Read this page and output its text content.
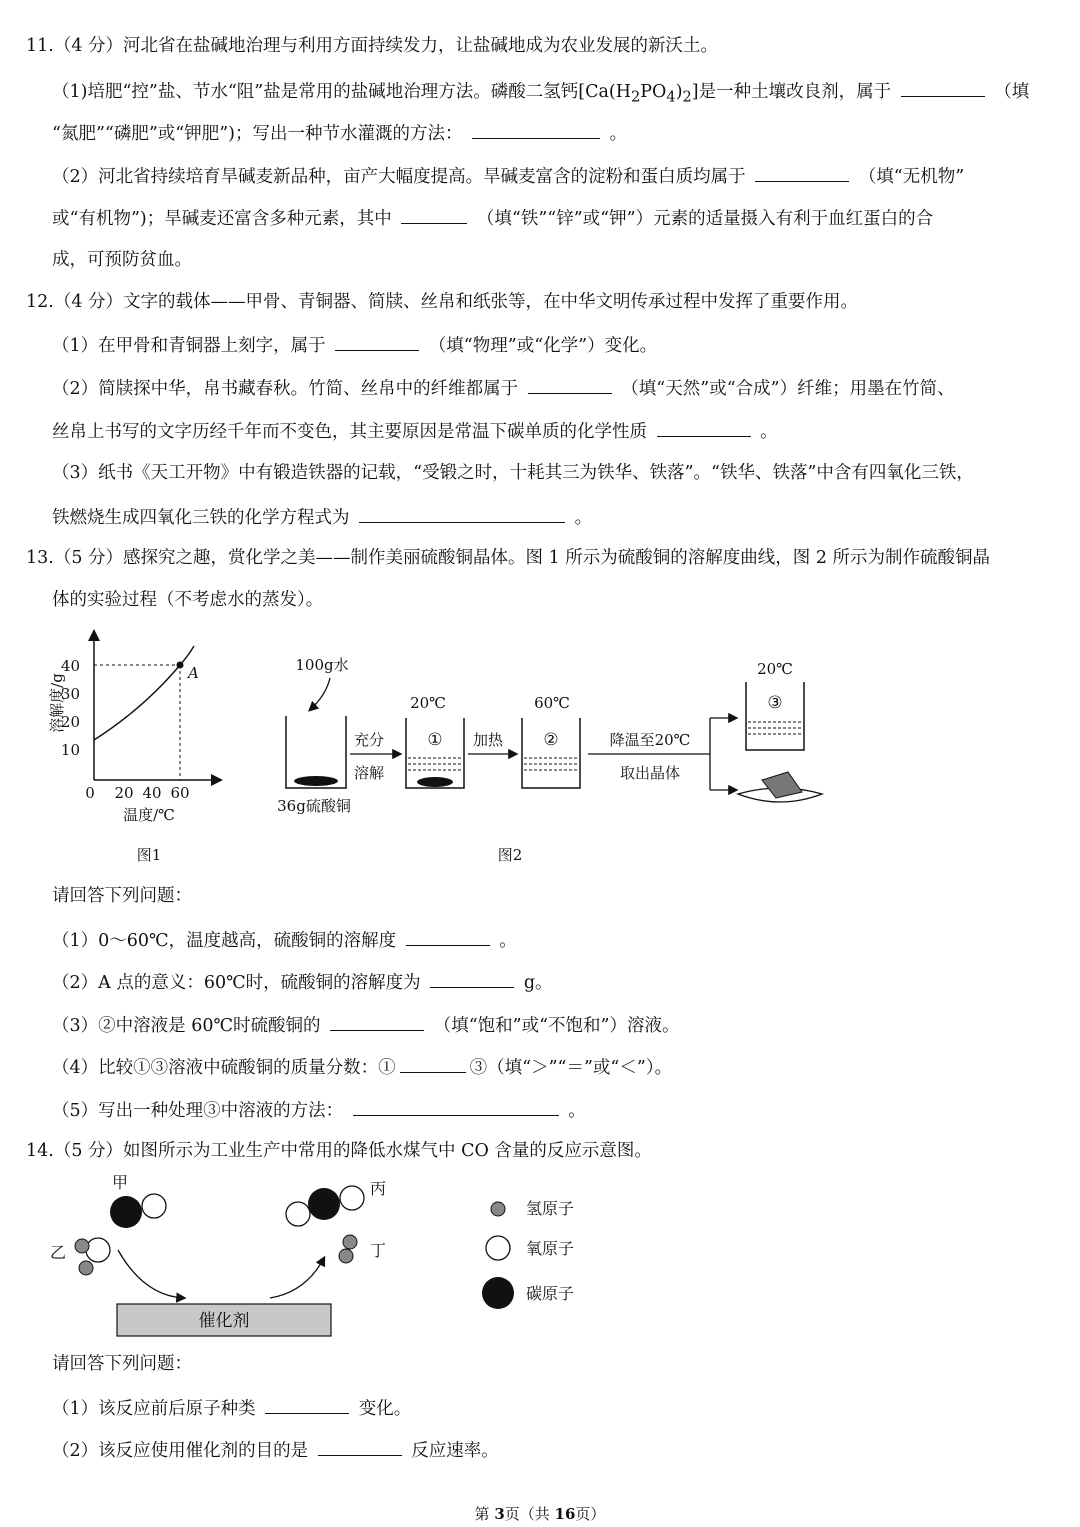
11.（4 分）河北省在盐碱地治理与利用方面持续发力，让盐碱地成为农业发展的新沃土。
（1)培肥“控”盐、节水“阻”盐是常用的盐碱地治理方法。磷酸二氢钙$[Ca(H_2PO_4)_2]$是一种土壤改良剂，属于	（填
“氮肥”“磷肥”或“钾肥”)；写出一种节水灌溉的方法：	。
（2）河北省持续培育旱碱麦新品种，亩产大幅度提高。旱碱麦富含的淀粉和蛋白质均属于	（填“无机物”
或“有机物”)；旱碱麦还富含多种元素，其中	（填“铁”“锌”或“钾”）元素的适量摄入有利于血红蛋白的合
成，可预防贫血。
12.（4 分）文字的载体——甲骨、青铜器、简牍、丝帛和纸张等，在中华文明传承过程中发挥了重要作用。
（1）在甲骨和青铜器上刻字，属于	（填“物理”或“化学”）变化。
（2）简牍探中华，帛书藏春秋。竹简、丝帛中的纤维都属于	（填“天然”或“合成”）纤维；用墨在竹简、
丝帛上书写的文字历经千年而不变色，其主要原因是常温下碳单质的化学性质	。
（3）纸书《天工开物》中有锻造铁器的记载，“受锻之时，十耗其三为铁华、铁落”。“铁华、铁落”中含有四氧化三铁，
铁燃烧生成四氧化三铁的化学方程式为	。
13.（5 分）感探究之趣，赏化学之美——制作美丽硫酸铜晶体。图 1 所示为硫酸铜的溶解度曲线，图 2 所示为制作硫酸铜晶
体的实验过程（不考虑水的蒸发）。
40
30
20
10
0 20 40 60
溶解度/g
温度/℃
A
图1
100g水
36g硫酸铜
充分
溶解
20℃
① 加热
60℃
②	降温至20℃
取出晶体
20℃
③
图2
请回答下列问题：
（1）0～60℃，温度越高，硫酸铜的溶解度	。
（2）A 点的意义：60℃时，硫酸铜的溶解度为	g。
（3）②中溶液是 60℃时硫酸铜的	（填“饱和”或“不饱和”）溶液。
（4）比较①③溶液中硫酸铜的质量分数：①	③（填“＞”“＝”或“＜”）。
（5）写出一种处理③中溶液的方法：	。
14.（5 分）如图所示为工业生产中常用的降低水煤气中 CO 含量的反应示意图。
甲
乙
催化剂
丙
丁
氢原子
氧原子
碳原子
请回答下列问题：
（1）该反应前后原子种类	变化。
（2）该反应使用催化剂的目的是	反应速率。
第 3页（共 16页）
